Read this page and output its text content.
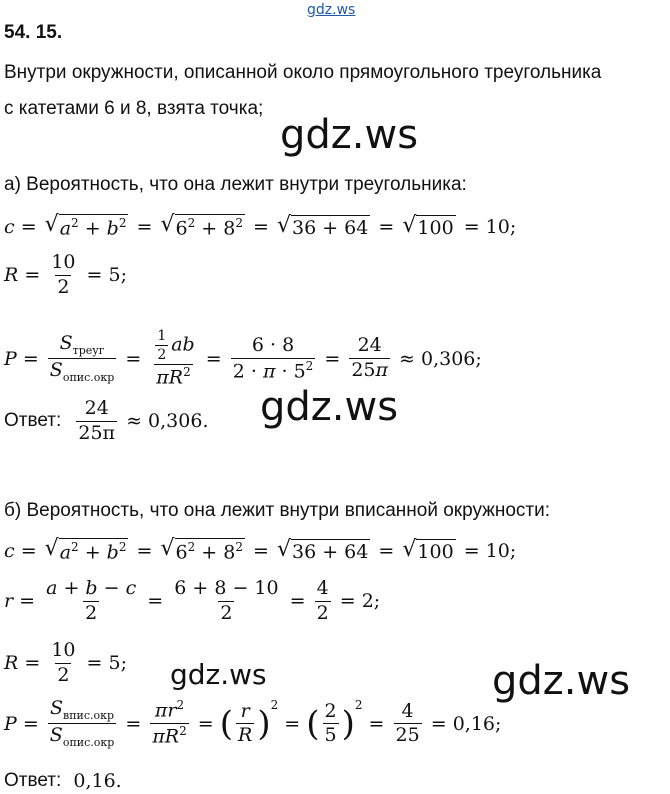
gdz.ws
gdz.ws
gdz.ws
gdz.ws	gdz.ws
54. 15.
Внутри окружности, описанной около прямоугольного треугольника
с катетами 6 и 8, взята точка;
а) Вероятность, что она лежит внутри треугольника:
c = √ $a^2 + b^2$ = √ $6^2 + 8^2$ = √ 36 + 64 = √ 100
= 10;
$R = \frac{10}{2}$
= 5;
$P = \frac{S_{треуг}}{S_{опис.окр}} = \frac{\frac{1}{2} ab}{\pi R^2} = \frac{6 \cdot 8}{2 \cdot \pi \cdot 5^2} = \frac{24}{25\pi}$
≈ 0,306;
Ответ:
$\frac{24}{25\pi}$
≈ 0,306.
б) Вероятность, что она лежит внутри вписанной окружности:
c = √ $a^2 + b^2$ = √ $6^2 + 8^2$ = √ 36 + 64 = √ 100
= 10;
$r = \frac{a + b - c}{2} = \frac{6 + 8 - 10}{2} = \frac{4}{2}$
= 2;
$R = \frac{10}{2}$
= 5;
$P = \frac{S_{впис.окр}}{S_{опис.окр}} = \frac{\pi r^2}{\pi R^2}$ = ( $\frac{r}{R} )^2$
= ( $\frac{2}{5} )^2$
= $\frac{4}{25}$
= 0,16;
Ответ:
0,16.
